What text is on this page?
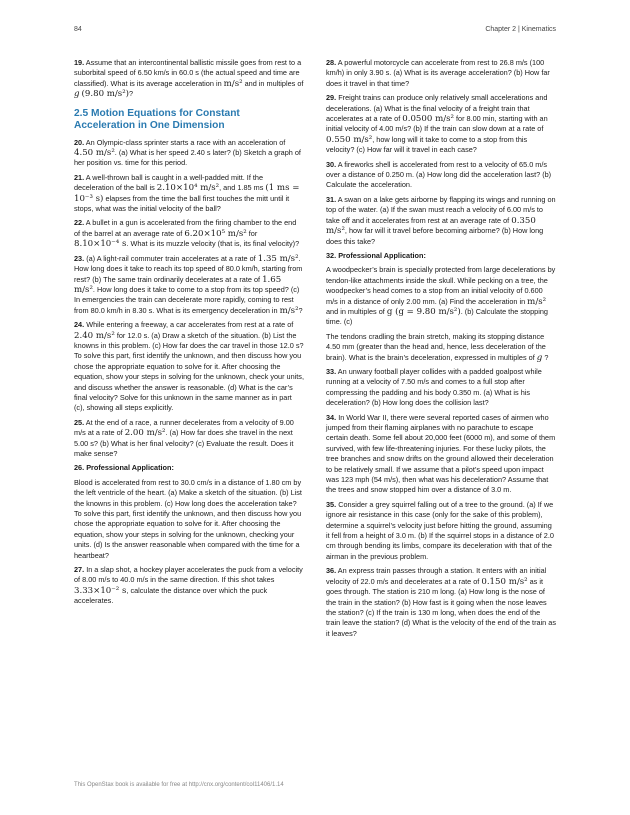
84	Chapter 2 | Kinematics

19. Assume that an intercontinental ballistic missile goes from rest to a suborbital speed of 6.50 km/s in 60.0 s (the actual speed and time are classified). What is its average acceleration in m/s² and in multiples of g (9.80 m/s²)?

2.5 Motion Equations for Constant
Acceleration in One Dimension

20. An Olympic-class sprinter starts a race with an acceleration of 4.50 m/s². (a) What is her speed 2.40 s later? (b) Sketch a graph of her position vs. time for this period.

21. A well-thrown ball is caught in a well-padded mitt. If the deceleration of the ball is 2.10×10⁴ m/s², and 1.85 ms (1 ms = 10⁻³ s) elapses from the time the ball first touches the mitt until it stops, what was the initial velocity of the ball?

22. A bullet in a gun is accelerated from the firing chamber to the end of the barrel at an average rate of 6.20×10⁵ m/s² for 8.10×10⁻⁴ s. What is its muzzle velocity (that is, its final velocity)?

23. (a) A light-rail commuter train accelerates at a rate of 1.35 m/s². How long does it take to reach its top speed of 80.0 km/h, starting from rest? (b) The same train ordinarily decelerates at a rate of 1.65 m/s². How long does it take to come to a stop from its top speed? (c) In emergencies the train can decelerate more rapidly, coming to rest from 80.0 km/h in 8.30 s. What is its emergency deceleration in m/s²?

24. While entering a freeway, a car accelerates from rest at a rate of 2.40 m/s² for 12.0 s. (a) Draw a sketch of the situation. (b) List the knowns in this problem. (c) How far does the car travel in those 12.0 s? To solve this part, first identify the unknown, and then discuss how you chose the appropriate equation to solve for it. After choosing the equation, show your steps in solving for the unknown, check your units, and discuss whether the answer is reasonable. (d) What is the car’s final velocity? Solve for this unknown in the same manner as in part (c), showing all steps explicitly.

25. At the end of a race, a runner decelerates from a velocity of 9.00 m/s at a rate of 2.00 m/s². (a) How far does she travel in the next 5.00 s? (b) What is her final velocity? (c) Evaluate the result. Does it make sense?

26. Professional Application:

Blood is accelerated from rest to 30.0 cm/s in a distance of 1.80 cm by the left ventricle of the heart. (a) Make a sketch of the situation. (b) List the knowns in this problem. (c) How long does the acceleration take? To solve this part, first identify the unknown, and then discuss how you chose the appropriate equation to solve for it. After choosing the equation, show your steps in solving for the unknown, checking your units. (d) Is the answer reasonable when compared with the time for a heartbeat?

27. In a slap shot, a hockey player accelerates the puck from a velocity of 8.00 m/s to 40.0 m/s in the same direction. If this shot takes 3.33×10⁻² s, calculate the distance over which the puck accelerates.

28. A powerful motorcycle can accelerate from rest to 26.8 m/s (100 km/h) in only 3.90 s. (a) What is its average acceleration? (b) How far does it travel in that time?

29. Freight trains can produce only relatively small accelerations and decelerations. (a) What is the final velocity of a freight train that accelerates at a rate of 0.0500 m/s² for 8.00 min, starting with an initial velocity of 4.00 m/s? (b) If the train can slow down at a rate of 0.550 m/s², how long will it take to come to a stop from this velocity? (c) How far will it travel in each case?

30. A fireworks shell is accelerated from rest to a velocity of 65.0 m/s over a distance of 0.250 m. (a) How long did the acceleration last? (b) Calculate the acceleration.

31. A swan on a lake gets airborne by flapping its wings and running on top of the water. (a) If the swan must reach a velocity of 6.00 m/s to take off and it accelerates from rest at an average rate of 0.350 m/s², how far will it travel before becoming airborne? (b) How long does this take?

32. Professional Application:

A woodpecker’s brain is specially protected from large decelerations by tendon-like attachments inside the skull. While pecking on a tree, the woodpecker’s head comes to a stop from an initial velocity of 0.600 m/s in a distance of only 2.00 mm. (a) Find the acceleration in m/s² and in multiples of g (g = 9.80 m/s²). (b) Calculate the stopping time. (c)

The tendons cradling the brain stretch, making its stopping distance 4.50 mm (greater than the head and, hence, less deceleration of the brain). What is the brain’s deceleration, expressed in multiples of g ?

33. An unwary football player collides with a padded goalpost while running at a velocity of 7.50 m/s and comes to a full stop after compressing the padding and his body 0.350 m. (a) What is his deceleration? (b) How long does the collision last?

34. In World War II, there were several reported cases of airmen who jumped from their flaming airplanes with no parachute to escape certain death. Some fell about 20,000 feet (6000 m), and some of them survived, with few life-threatening injuries. For these lucky pilots, the tree branches and snow drifts on the ground allowed their deceleration to be relatively small. If we assume that a pilot’s speed upon impact was 123 mph (54 m/s), then what was his deceleration? Assume that the trees and snow stopped him over a distance of 3.0 m.

35. Consider a grey squirrel falling out of a tree to the ground. (a) If we ignore air resistance in this case (only for the sake of this problem), determine a squirrel’s velocity just before hitting the ground, assuming it fell from a height of 3.0 m. (b) If the squirrel stops in a distance of 2.0 cm through bending its limbs, compare its deceleration with that of the airman in the previous problem.

36. An express train passes through a station. It enters with an initial velocity of 22.0 m/s and decelerates at a rate of 0.150 m/s² as it goes through. The station is 210 m long. (a) How long is the nose of the train in the station? (b) How fast is it going when the nose leaves the station? (c) If the train is 130 m long, when does the end of the train leave the station? (d) What is the velocity of the end of the train as it leaves?

This OpenStax book is available for free at http://cnx.org/content/col11406/1.14
